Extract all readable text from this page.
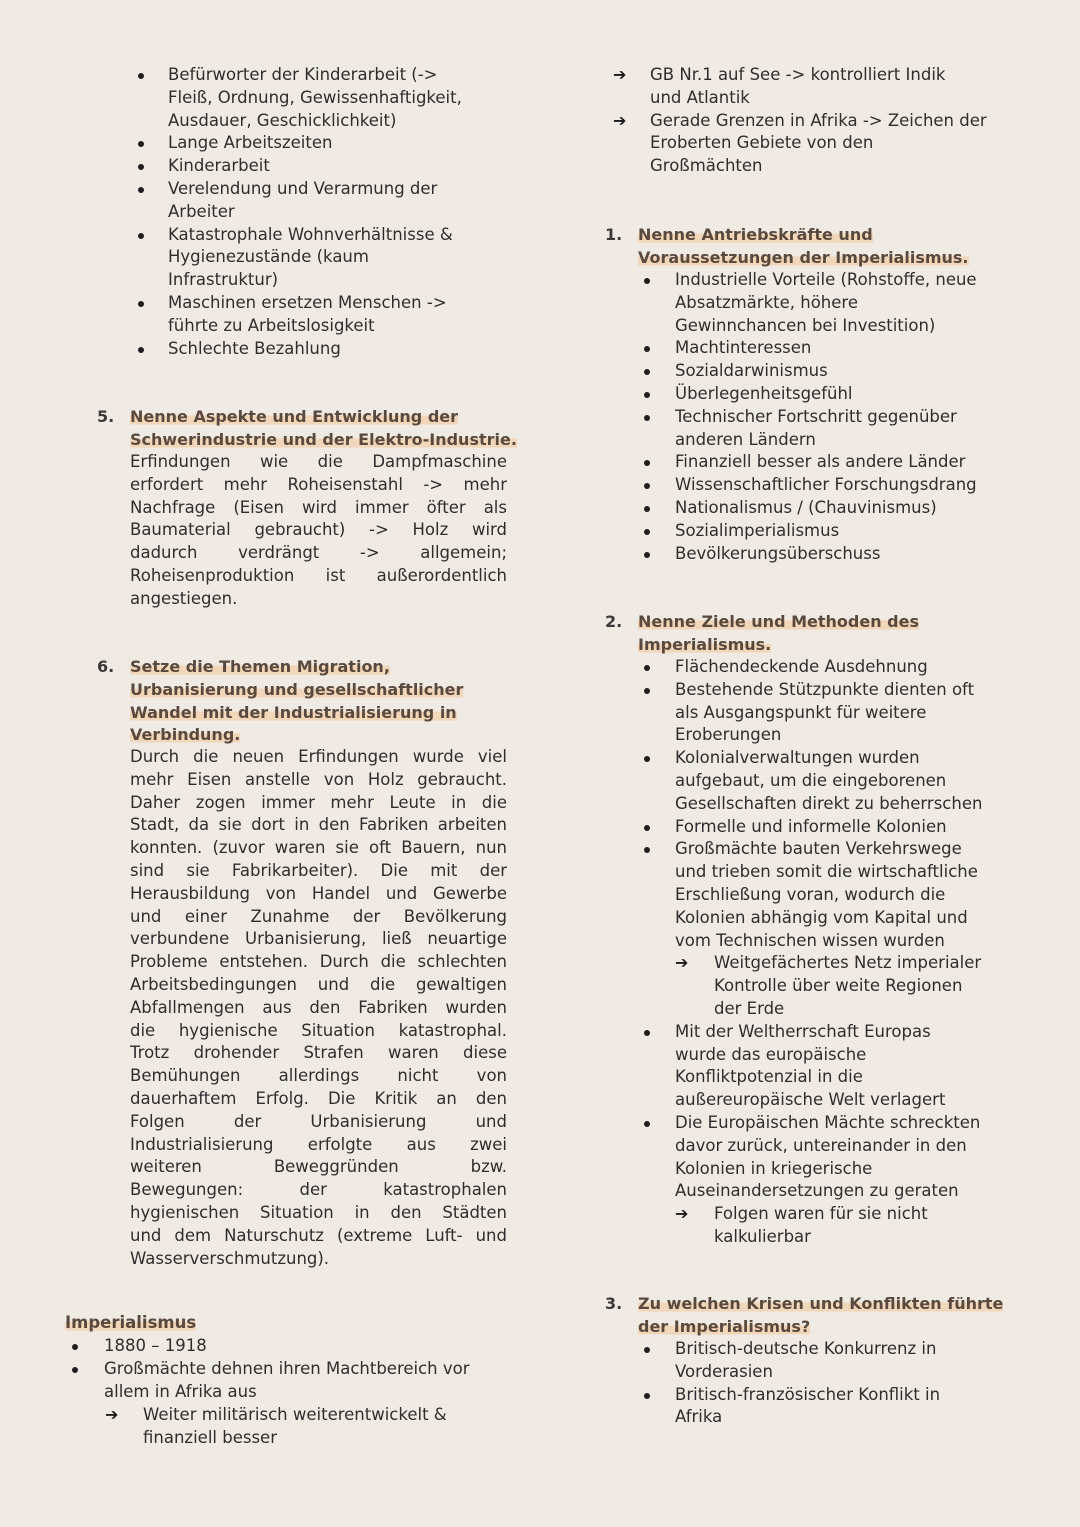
Befürworter der Kinderarbeit (->
Fleiß, Ordnung, Gewissenhaftigkeit,
Ausdauer, Geschicklichkeit)
Lange Arbeitszeiten
Kinderarbeit
Verelendung und Verarmung der
Arbeiter
Katastrophale Wohnverhältnisse &
Hygienezustände (kaum
Infrastruktur)
Maschinen ersetzen Menschen ->
führte zu Arbeitslosigkeit
Schlechte Bezahlung
5. Nenne Aspekte und Entwicklung der
Schwerindustrie und der Elektro-Industrie.
Erfindungen wie die Dampfmaschine
erfordert mehr Roheisenstahl -> mehr
Nachfrage (Eisen wird immer öfter als
Baumaterial gebraucht) -> Holz wird
dadurch verdrängt -> allgemein;
Roheisenproduktion ist außerordentlich
angestiegen.
6. Setze die Themen Migration,
Urbanisierung und gesellschaftlicher
Wandel mit der Industrialisierung in
Verbindung.
Durch die neuen Erfindungen wurde viel
mehr Eisen anstelle von Holz gebraucht.
Daher zogen immer mehr Leute in die
Stadt, da sie dort in den Fabriken arbeiten
konnten. (zuvor waren sie oft Bauern, nun
sind sie Fabrikarbeiter). Die mit der
Herausbildung von Handel und Gewerbe
und einer Zunahme der Bevölkerung
verbundene Urbanisierung, ließ neuartige
Probleme entstehen. Durch die schlechten
Arbeitsbedingungen und die gewaltigen
Abfallmengen aus den Fabriken wurden
die hygienische Situation katastrophal.
Trotz drohender Strafen waren diese
Bemühungen allerdings nicht von
dauerhaftem Erfolg. Die Kritik an den
Folgen der Urbanisierung und
Industrialisierung erfolgte aus zwei
weiteren Beweggründen bzw.
Bewegungen: der katastrophalen
hygienischen Situation in den Städten
und dem Naturschutz (extreme Luft- und
Wasserverschmutzung).
Imperialismus
1880 – 1918
Großmächte dehnen ihren Machtbereich vor
allem in Afrika aus
➔	Weiter militärisch weiterentwickelt &
finanziell besser
➔	GB Nr.1 auf See -> kontrolliert Indik
und Atlantik
➔	Gerade Grenzen in Afrika -> Zeichen der
Eroberten Gebiete von den
Großmächten
1. Nenne Antriebskräfte und
Voraussetzungen der Imperialismus.
Industrielle Vorteile (Rohstoffe, neue
Absatzmärkte, höhere
Gewinnchancen bei Investition)
Machtinteressen
Sozialdarwinismus
Überlegenheitsgefühl
Technischer Fortschritt gegenüber
anderen Ländern
Finanziell besser als andere Länder
Wissenschaftlicher Forschungsdrang
Nationalismus / (Chauvinismus)
Sozialimperialismus
Bevölkerungsüberschuss
2. Nenne Ziele und Methoden des
Imperialismus.
Flächendeckende Ausdehnung
Bestehende Stützpunkte dienten oft
als Ausgangspunkt für weitere
Eroberungen
Kolonialverwaltungen wurden
aufgebaut, um die eingeborenen
Gesellschaften direkt zu beherrschen
Formelle und informelle Kolonien
Großmächte bauten Verkehrswege
und trieben somit die wirtschaftliche
Erschließung voran, wodurch die
Kolonien abhängig vom Kapital und
vom Technischen wissen wurden
➔	Weitgefächertes Netz imperialer
Kontrolle über weite Regionen
der Erde
Mit der Weltherrschaft Europas
wurde das europäische
Konfliktpotenzial in die
außereuropäische Welt verlagert
Die Europäischen Mächte schreckten
davor zurück, untereinander in den
Kolonien in kriegerische
Auseinandersetzungen zu geraten
➔	Folgen waren für sie nicht
kalkulierbar
3. Zu welchen Krisen und Konflikten führte
der Imperialismus?
Britisch-deutsche Konkurrenz in
Vorderasien
Britisch-französischer Konflikt in
Afrika
